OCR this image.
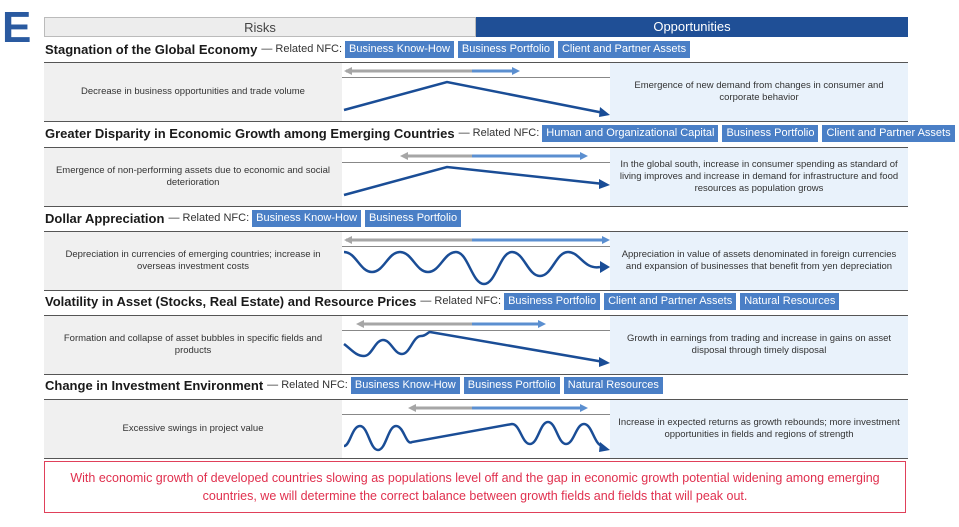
E	Risks	Opportunities
Stagnation of the Global Economy — Related NFC: Business Know-How	Business Portfolio	Client and Partner Assets
Decrease in business opportunities and trade volume
Emergence of new demand from changes in consumer and corporate behavior
Greater Disparity in Economic Growth among Emerging Countries — Related NFC: Human and Organizational Capital	Business Portfolio	Client and Partner Assets
Emergence of non-performing assets due to economic and social deterioration
In the global south, increase in consumer spending as standard of living improves and increase in demand for infrastructure and food resources as population grows
Dollar Appreciation — Related NFC: Business Know-How	Business Portfolio
Depreciation in currencies of emerging countries; increase in overseas investment costs
Appreciation in value of assets denominated in foreign currencies and expansion of businesses that benefit from yen depreciation
Volatility in Asset (Stocks, Real Estate) and Resource Prices — Related NFC: Business Portfolio	Client and Partner Assets	Natural Resources
Formation and collapse of asset bubbles in specific fields and products
Growth in earnings from trading and increase in gains on asset disposal through timely disposal
Change in Investment Environment — Related NFC: Business Know-How	Business Portfolio	Natural Resources
Excessive swings in project value
Increase in expected returns as growth rebounds; more investment opportunities in fields and regions of strength
With economic growth of developed countries slowing as populations level off and the gap in economic growth potential widening among emerging countries, we will determine the correct balance between growth fields and fields that will peak out.
